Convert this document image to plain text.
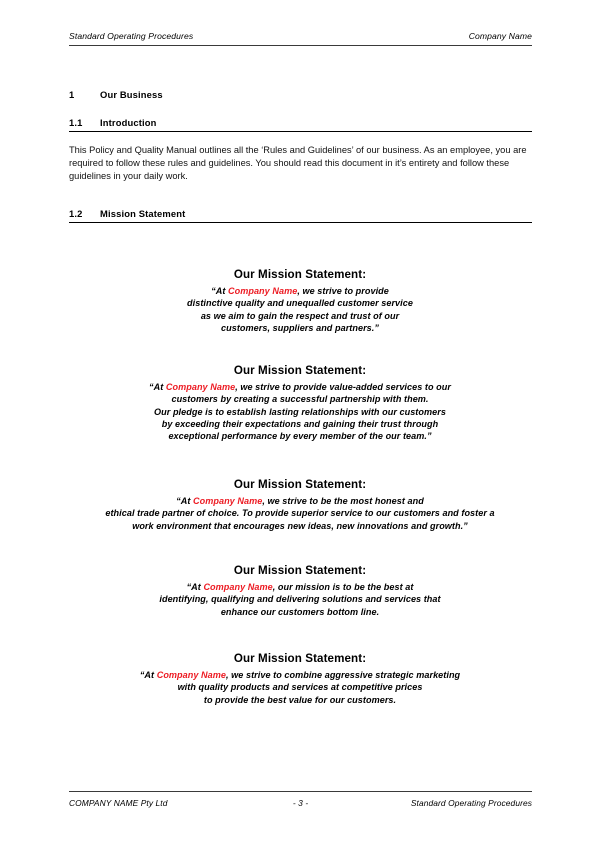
Standard Operating Procedures	Company Name
1	Our Business
1.1	Introduction

This Policy and Quality Manual outlines all the ‘Rules and Guidelines’ of our business. As an employee, you are required to follow these rules and guidelines. You should read this document in it’s entirety and follow these guidelines in your daily work.

1.2	Mission Statement
Our Mission Statement:
“At Company Name, we strive to provide
distinctive quality and unequalled customer service
as we aim to gain the respect and trust of our
customers, suppliers and partners.”
Our Mission Statement:
“At Company Name, we strive to provide value-added services to our
customers by creating a successful partnership with them.
Our pledge is to establish lasting relationships with our customers
by exceeding their expectations and gaining their trust through
exceptional performance by every member of the our team.”
Our Mission Statement:
“At Company Name, we strive to be the most honest and
ethical trade partner of choice. To provide superior service to our customers and foster a
work environment that encourages new ideas, new innovations and growth.”
Our Mission Statement:
“At Company Name, our mission is to be the best at
identifying, qualifying and delivering solutions and services that
enhance our customers bottom line.
Our Mission Statement:
“At Company Name, we strive to combine aggressive strategic marketing
with quality products and services at competitive prices
to provide the best value for our customers.
COMPANY NAME Pty Ltd	- 3 -	Standard Operating Procedures
